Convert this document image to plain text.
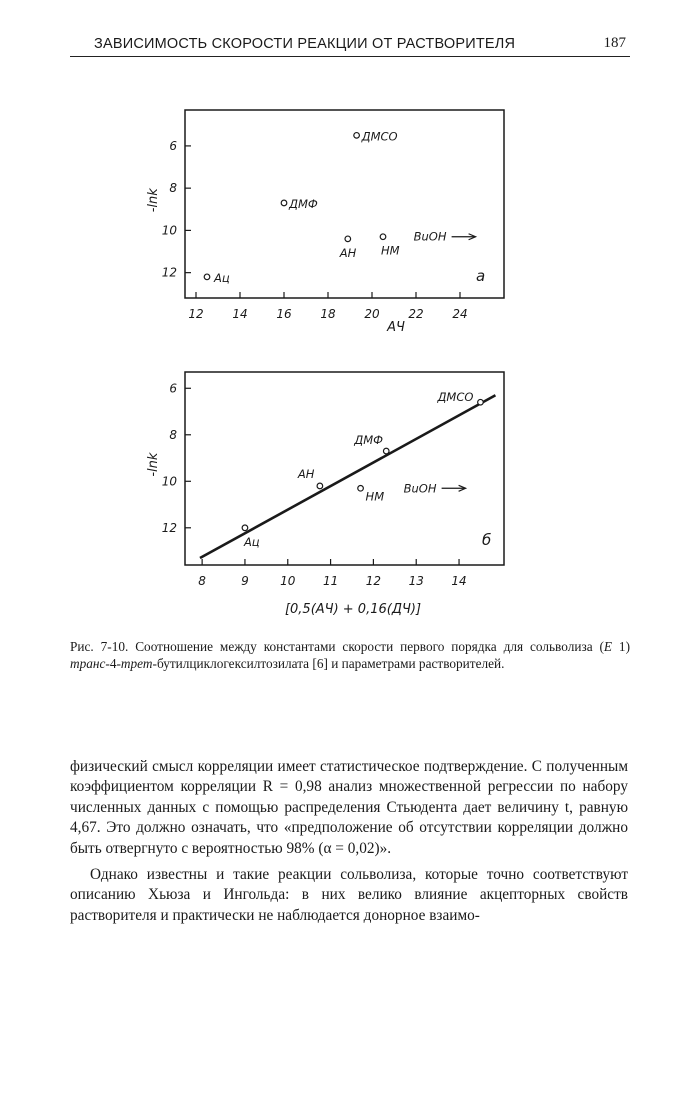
ЗАВИСИМОСТЬ СКОРОСТИ РЕАКЦИИ ОТ РАСТВОРИТЕЛЯ	187
12 14 16 18 20 22 24
6
8
10
12
-lnk
АЧ
а
Ац
ДМФ
ДМСО
АН НМ
BuOH
8	9	10 11 12 13 14
6
8
10
12
-lnk
[0,5(АЧ) + 0,16(ДЧ)]
б
Ац
АН
НМ
ДМФ
ДМСО
BuOH
Рис. 7-10. Соотношение между константами скорости первого порядка для сольволиза (E 1) транс-4-трет-бутилциклогексилтозилата [6] и параметрами растворителей.

физический смысл корреляции имеет статистическое подтверждение. С полученным коэффициентом корреляции R = 0,98 анализ множественной регрессии по набору численных данных с помощью распределения Стьюдента дает величину t, равную 4,67. Это должно означать, что «предположение об отсутствии корреляции должно быть отвергнуто с вероятностью 98% (α = 0,02)».

Однако известны и такие реакции сольволиза, которые точно соответствуют описанию Хьюза и Ингольда: в них велико влияние акцепторных свойств растворителя и практически не наблюдается донорное взаимо-
